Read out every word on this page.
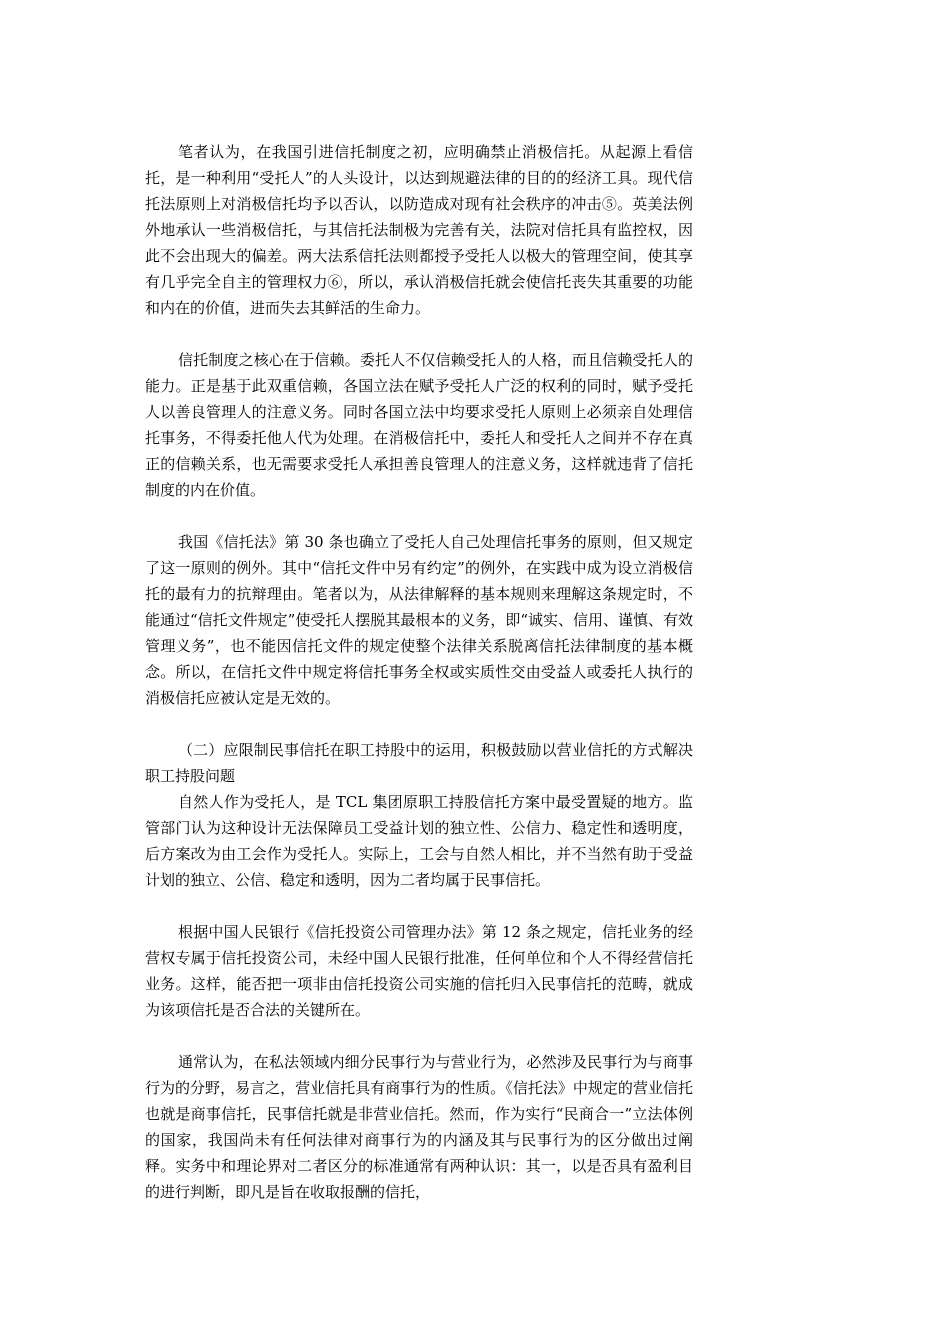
笔者认为，在我国引进信托制度之初，应明确禁止消极信托。从起源上看信托，是一种利用“受托人”的人头设计，以达到规避法律的目的的经济工具。现代信托法原则上对消极信托均予以否认，以防造成对现有社会秩序的冲击⑤。英美法例外地承认一些消极信托，与其信托法制极为完善有关，法院对信托具有监控权，因此不会出现大的偏差。两大法系信托法则都授予受托人以极大的管理空间，使其享有几乎完全自主的管理权力⑥，所以，承认消极信托就会使信托丧失其重要的功能和内在的价值，进而失去其鲜活的生命力。

信托制度之核心在于信赖。委托人不仅信赖受托人的人格，而且信赖受托人的能力。正是基于此双重信赖，各国立法在赋予受托人广泛的权利的同时，赋予受托人以善良管理人的注意义务。同时各国立法中均要求受托人原则上必须亲自处理信托事务，不得委托他人代为处理。在消极信托中，委托人和受托人之间并不存在真正的信赖关系，也无需要求受托人承担善良管理人的注意义务，这样就违背了信托制度的内在价值。

我国《信托法》第 30 条也确立了受托人自己处理信托事务的原则，但又规定了这一原则的例外。其中“信托文件中另有约定”的例外，在实践中成为设立消极信托的最有力的抗辩理由。笔者以为，从法律解释的基本规则来理解这条规定时，不能通过“信托文件规定”使受托人摆脱其最根本的义务，即“诚实、信用、谨慎、有效管理义务”，也不能因信托文件的规定使整个法律关系脱离信托法律制度的基本概念。所以，在信托文件中规定将信托事务全权或实质性交由受益人或委托人执行的消极信托应被认定是无效的。

（二）应限制民事信托在职工持股中的运用，积极鼓励以营业信托的方式解决职工持股问题

自然人作为受托人，是 TCL 集团原职工持股信托方案中最受置疑的地方。监管部门认为这种设计无法保障员工受益计划的独立性、公信力、稳定性和透明度，后方案改为由工会作为受托人。实际上，工会与自然人相比，并不当然有助于受益计划的独立、公信、稳定和透明，因为二者均属于民事信托。

根据中国人民银行《信托投资公司管理办法》第 12 条之规定，信托业务的经营权专属于信托投资公司，未经中国人民银行批准，任何单位和个人不得经营信托业务。这样，能否把一项非由信托投资公司实施的信托归入民事信托的范畴，就成为该项信托是否合法的关键所在。

通常认为，在私法领域内细分民事行为与营业行为，必然涉及民事行为与商事行为的分野，易言之，营业信托具有商事行为的性质。《信托法》中规定的营业信托也就是商事信托，民事信托就是非营业信托。然而，作为实行“民商合一”立法体例的国家，我国尚未有任何法律对商事行为的内涵及其与民事行为的区分做出过阐释。实务中和理论界对二者区分的标准通常有两种认识：其一，以是否具有盈利目的进行判断，即凡是旨在收取报酬的信托，
